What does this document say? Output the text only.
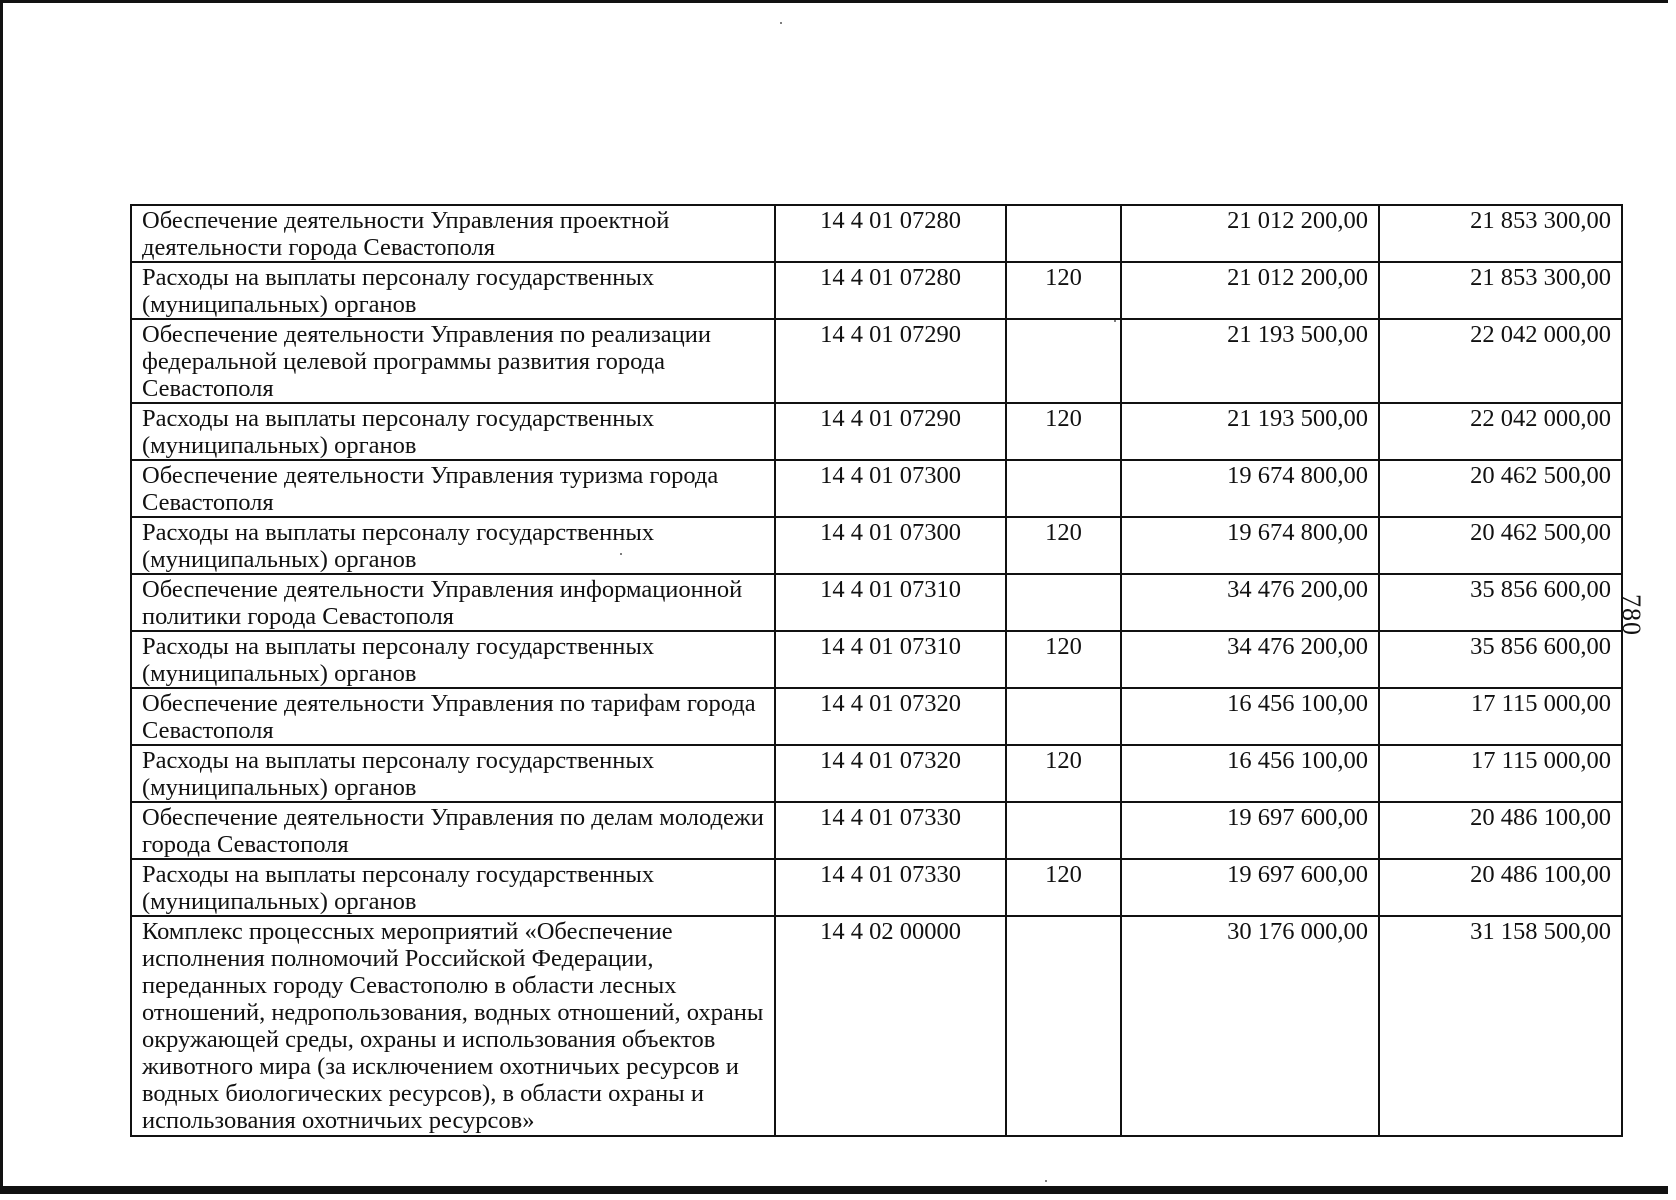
Обеспечение деятельности Управления проектной деятельности города Севастополя	14 4 01 07280		21 012 200,00	21 853 300,00
Расходы на выплаты персоналу государственных (муниципальных) органов	14 4 01 07280	120	21 012 200,00	21 853 300,00
Обеспечение деятельности Управления по реализации федеральной целевой программы развития города Севастополя	14 4 01 07290		21 193 500,00	22 042 000,00
Расходы на выплаты персоналу государственных (муниципальных) органов	14 4 01 07290	120	21 193 500,00	22 042 000,00
Обеспечение деятельности Управления туризма города Севастополя	14 4 01 07300		19 674 800,00	20 462 500,00
Расходы на выплаты персоналу государственных (муниципальных) органов	14 4 01 07300	120	19 674 800,00	20 462 500,00
Обеспечение деятельности Управления информационной политики города Севастополя	14 4 01 07310		34 476 200,00	35 856 600,00
Расходы на выплаты персоналу государственных (муниципальных) органов	14 4 01 07310	120	34 476 200,00	35 856 600,00
Обеспечение деятельности Управления по тарифам города Севастополя	14 4 01 07320		16 456 100,00	17 115 000,00
Расходы на выплаты персоналу государственных (муниципальных) органов	14 4 01 07320	120	16 456 100,00	17 115 000,00
Обеспечение деятельности Управления по делам молодежи города Севастополя	14 4 01 07330		19 697 600,00	20 486 100,00
Расходы на выплаты персоналу государственных (муниципальных) органов	14 4 01 07330	120	19 697 600,00	20 486 100,00
Комплекс процессных мероприятий «Обеспечение исполнения полномочий Российской Федерации, переданных городу Севастополю в области лесных отношений, недропользования, водных отношений, охраны окружающей среды, охраны и использования объектов животного мира (за исключением охотничьих ресурсов и водных биологических ресурсов), в области охраны и использования охотничьих ресурсов»	14 4 02 00000		30 176 000,00	31 158 500,00
780
